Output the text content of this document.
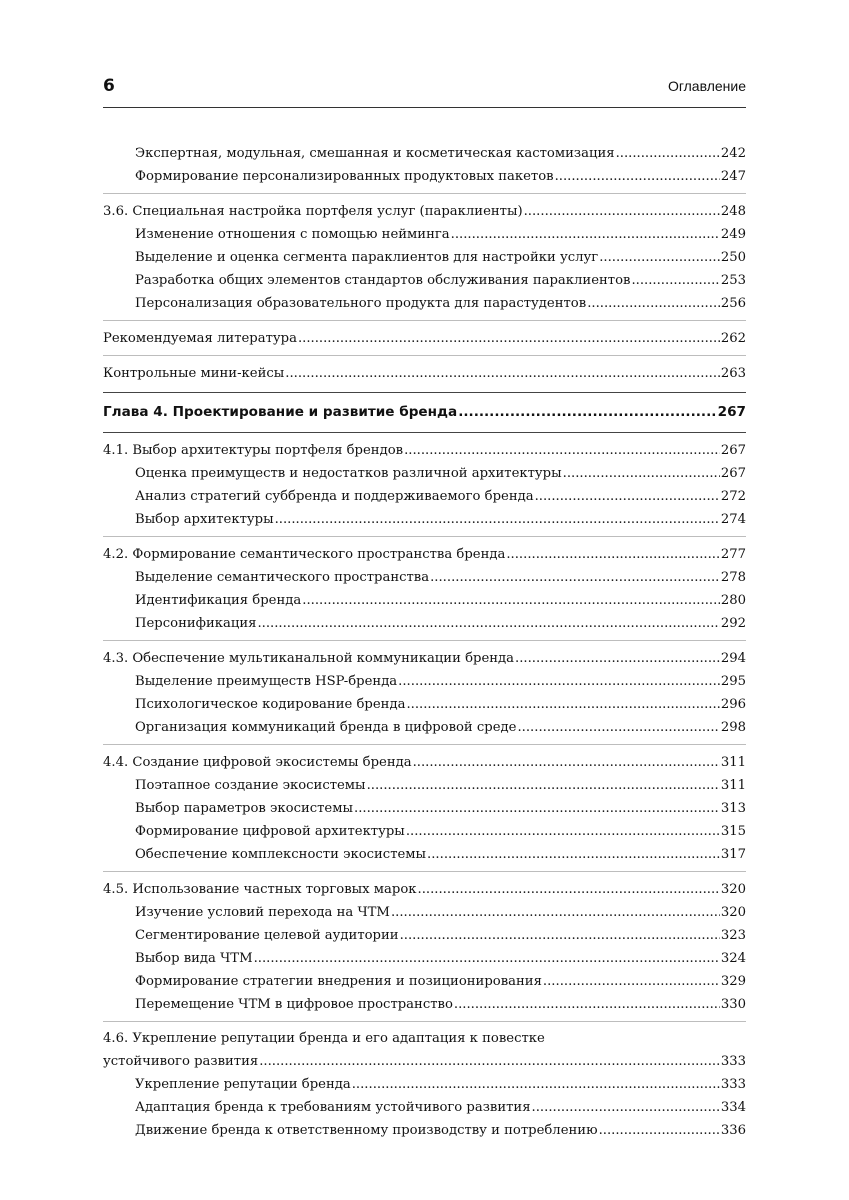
6	Оглавление
Экспертная, модульная, смешанная и косметическая кастомизация .....	242
Формирование персонализированных продуктовых пакетов .....	247
3.6. Специальная настройка портфеля услуг (параклиенты) .....	248
Изменение отношения с помощью нейминга .....	249
Выделение и оценка сегмента параклиентов для настройки услуг .....	250
Разработка общих элементов стандартов обслуживания параклиентов .....	253
Персонализация образовательного продукта для парастудентов .....	256
Рекомендуемая литература .....	262
Контрольные мини-кейсы .....	263
Глава 4. Проектирование и развитие бренда .....	267
4.1. Выбор архитектуры портфеля брендов .....	267
Оценка преимуществ и недостатков различной архитектуры .....	267
Анализ стратегий суббренда и поддерживаемого бренда .....	272
Выбор архитектуры .....	274
4.2. Формирование семантического пространства бренда .....	277
Выделение семантического пространства .....	278
Идентификация бренда .....	280
Персонификация .....	292
4.3. Обеспечение мультиканальной коммуникации бренда .....	294
Выделение преимуществ HSP-бренда .....	295
Психологическое кодирование бренда .....	296
Организация коммуникаций бренда в цифровой среде .....	298
4.4. Создание цифровой экосистемы бренда .....	311
Поэтапное создание экосистемы .....	311
Выбор параметров экосистемы .....	313
Формирование цифровой архитектуры .....	315
Обеспечение комплексности экосистемы .....	317
4.5. Использование частных торговых марок .....	320
Изучение условий перехода на ЧТМ .....	320
Сегментирование целевой аудитории .....	323
Выбор вида ЧТМ .....	324
Формирование стратегии внедрения и позиционирования .....	329
Перемещение ЧТМ в цифровое пространство .....	330
4.6. Укрепление репутации бренда и его адаптация к повестке
устойчивого развития .....	333
Укрепление репутации бренда .....	333
Адаптация бренда к требованиям устойчивого развития .....	334
Движение бренда к ответственному производству и потреблению .....	336
